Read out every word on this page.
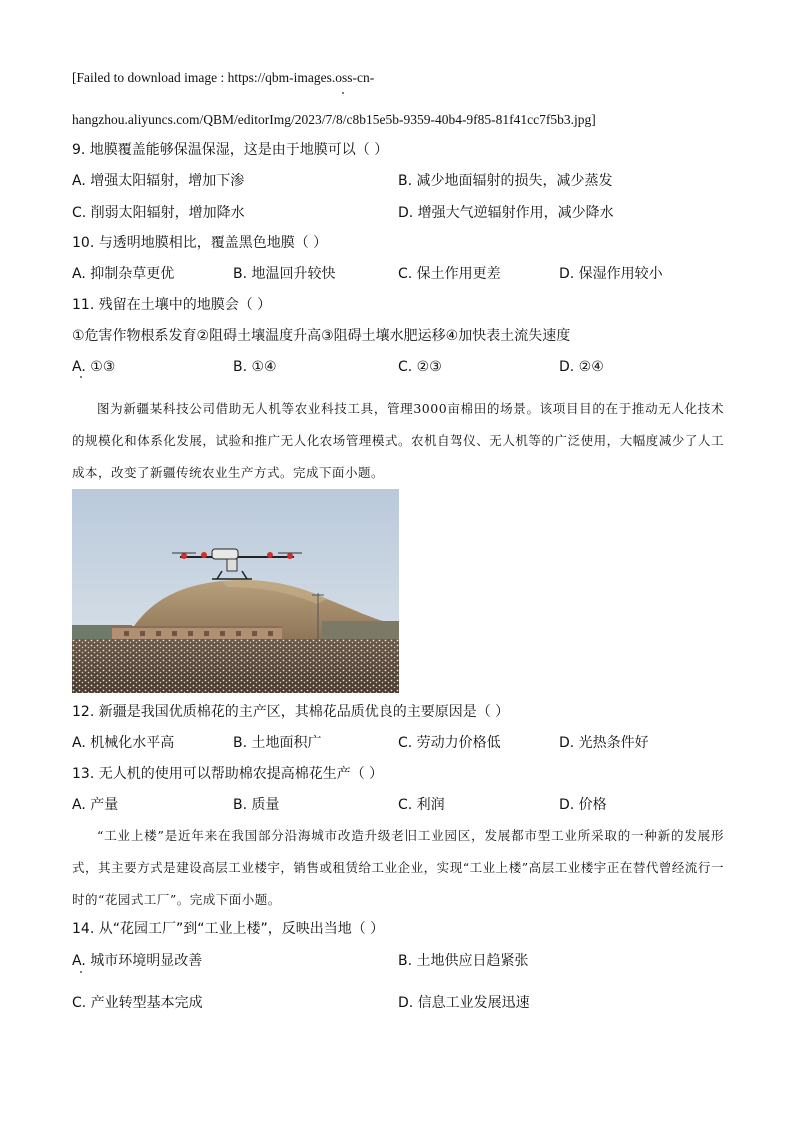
[Failed to download image : https://qbm-images.oss-cn-
hangzhou.aliyuncs.com/QBM/editorImg/2023/7/8/c8b15e5b-9359-40b4-9f85-81f41cc7f5b3.jpg]
9. 地膜覆盖能够保温保湿，这是由于地膜可以（ ）
A. 增强太阳辐射，增加下渗	B. 减少地面辐射的损失，减少蒸发
C. 削弱太阳辐射，增加降水	D. 增强大气逆辐射作用，减少降水
10. 与透明地膜相比，覆盖黑色地膜（ ）
A. 抑制杂草更优	B. 地温回升较快	C. 保土作用更差	D. 保湿作用较小
11. 残留在土壤中的地膜会（ ）
①危害作物根系发育②阻碍土壤温度升高③阻碍土壤水肥运移④加快表土流失速度
A. ①③	B. ①④	C. ②③	D. ②④
图为新疆某科技公司借助无人机等农业科技工具，管理3000亩棉田的场景。该项目目的在于推动无人化技术的规模化和体系化发展，试验和推广无人化农场管理模式。农机自驾仪、无人机等的广泛使用，大幅度减少了人工成本，改变了新疆传统农业生产方式。完成下面小题。
12. 新疆是我国优质棉花的主产区，其棉花品质优良的主要原因是（ ）
A. 机械化水平高	B. 土地面积广	C. 劳动力价格低	D. 光热条件好
13. 无人机的使用可以帮助棉农提高棉花生产（ ）
A. 产量	B. 质量	C. 利润	D. 价格
“工业上楼”是近年来在我国部分沿海城市改造升级老旧工业园区，发展都市型工业所采取的一种新的发展形式，其主要方式是建设高层工业楼宇，销售或租赁给工业企业，实现“工业上楼”高层工业楼宇正在替代曾经流行一时的“花园式工厂”。完成下面小题。
14. 从“花园工厂”到“工业上楼”，反映出当地（ ）
A. 城市环境明显改善	B. 土地供应日趋紧张
C. 产业转型基本完成	D. 信息工业发展迅速
